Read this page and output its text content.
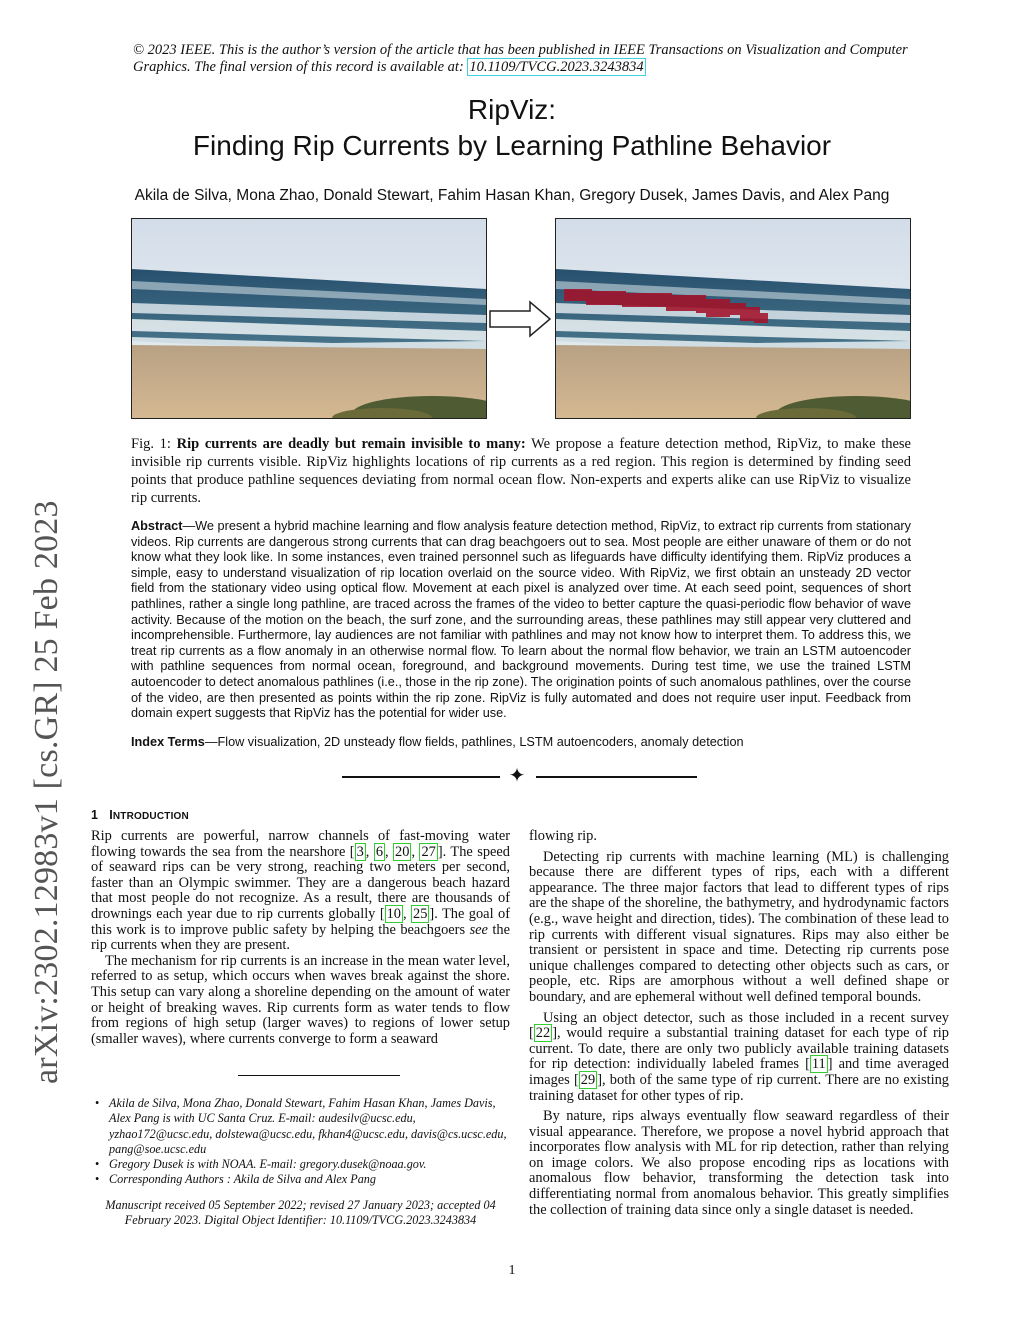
© 2023 IEEE. This is the author’s version of the article that has been published in IEEE Transactions on Visualization and Computer Graphics. The final version of this record is available at: 10.1109/TVCG.2023.3243834
RipViz:
Finding Rip Currents by Learning Pathline Behavior
Akila de Silva, Mona Zhao, Donald Stewart, Fahim Hasan Khan, Gregory Dusek, James Davis, and Alex Pang
Fig. 1: Rip currents are deadly but remain invisible to many: We propose a feature detection method, RipViz, to make these invisible rip currents visible. RipViz highlights locations of rip currents as a red region. This region is determined by finding seed points that produce pathline sequences deviating from normal ocean flow. Non-experts and experts alike can use RipViz to visualize rip currents.
Abstract—We present a hybrid machine learning and flow analysis feature detection method, RipViz, to extract rip currents from stationary videos. Rip currents are dangerous strong currents that can drag beachgoers out to sea. Most people are either unaware of them or do not know what they look like. In some instances, even trained personnel such as lifeguards have difficulty identifying them. RipViz produces a simple, easy to understand visualization of rip location overlaid on the source video. With RipViz, we first obtain an unsteady 2D vector field from the stationary video using optical flow. Movement at each pixel is analyzed over time. At each seed point, sequences of short pathlines, rather a single long pathline, are traced across the frames of the video to better capture the quasi-periodic flow behavior of wave activity. Because of the motion on the beach, the surf zone, and the surrounding areas, these pathlines may still appear very cluttered and incomprehensible. Furthermore, lay audiences are not familiar with pathlines and may not know how to interpret them. To address this, we treat rip currents as a flow anomaly in an otherwise normal flow. To learn about the normal flow behavior, we train an LSTM autoencoder with pathline sequences from normal ocean, foreground, and background movements. During test time, we use the trained LSTM autoencoder to detect anomalous pathlines (i.e., those in the rip zone). The origination points of such anomalous pathlines, over the course of the video, are then presented as points within the rip zone. RipViz is fully automated and does not require user input. Feedback from domain expert suggests that RipViz has the potential for wider use.
Index Terms—Flow visualization, 2D unsteady flow fields, pathlines, LSTM autoencoders, anomaly detection
✦
1 INTRODUCTION

Rip currents are powerful, narrow channels of fast-moving water flowing towards the sea from the nearshore [ 3 , 6 , 20 , 27 ]. The speed of seaward rips can be very strong, reaching two meters per second, faster than an Olympic swimmer. They are a dangerous beach hazard that most people do not recognize. As a result, there are thousands of drownings each year due to rip currents globally [ 10 , 25 ]. The goal of this work is to improve public safety by helping the beachgoers see the rip currents when they are present.

The mechanism for rip currents is an increase in the mean water level, referred to as setup, which occurs when waves break against the shore. This setup can vary along a shoreline depending on the amount of water or height of breaking waves. Rip currents form as water tends to flow from regions of high setup (larger waves) to regions of lower setup (smaller waves), where currents converge to form a seaward

• Akila de Silva, Mona Zhao, Donald Stewart, Fahim Hasan Khan, James Davis, Alex Pang is with UC Santa Cruz. E-mail: audesilv@ucsc.edu, yzhao172@ucsc.edu, dolstewa@ucsc.edu, fkhan4@ucsc.edu, davis@cs.ucsc.edu, pang@soe.ucsc.edu
• Gregory Dusek is with NOAA. E-mail: gregory.dusek@noaa.gov.
• Corresponding Authors : Akila de Silva and Alex Pang
Manuscript received 05 September 2022; revised 27 January 2023; accepted 04 February 2023. Digital Object Identifier: 10.1109/TVCG.2023.3243834

flowing rip.

Detecting rip currents with machine learning (ML) is challenging because there are different types of rips, each with a different appearance. The three major factors that lead to different types of rips are the shape of the shoreline, the bathymetry, and hydrodynamic factors (e.g., wave height and direction, tides). The combination of these lead to rip currents with different visual signatures. Rips may also either be transient or persistent in space and time. Detecting rip currents pose unique challenges compared to detecting other objects such as cars, or people, etc. Rips are amorphous without a well defined shape or boundary, and are ephemeral without well defined temporal bounds.

Using an object detector, such as those included in a recent survey [ 22 ], would require a substantial training dataset for each type of rip current. To date, there are only two publicly available training datasets for rip detection: individually labeled frames [ 11 ] and time averaged images [ 29 ], both of the same type of rip current. There are no existing training dataset for other types of rip.

By nature, rips always eventually flow seaward regardless of their visual appearance. Therefore, we propose a novel hybrid approach that incorporates flow analysis with ML for rip detection, rather than relying on image colors. We also propose encoding rips as locations with anomalous flow behavior, transforming the detection task into differentiating normal from anomalous behavior. This greatly simplifies the collection of training data since only a single dataset is needed.

1
arXiv:2302.12983v1 [cs.GR] 25 Feb 2023
